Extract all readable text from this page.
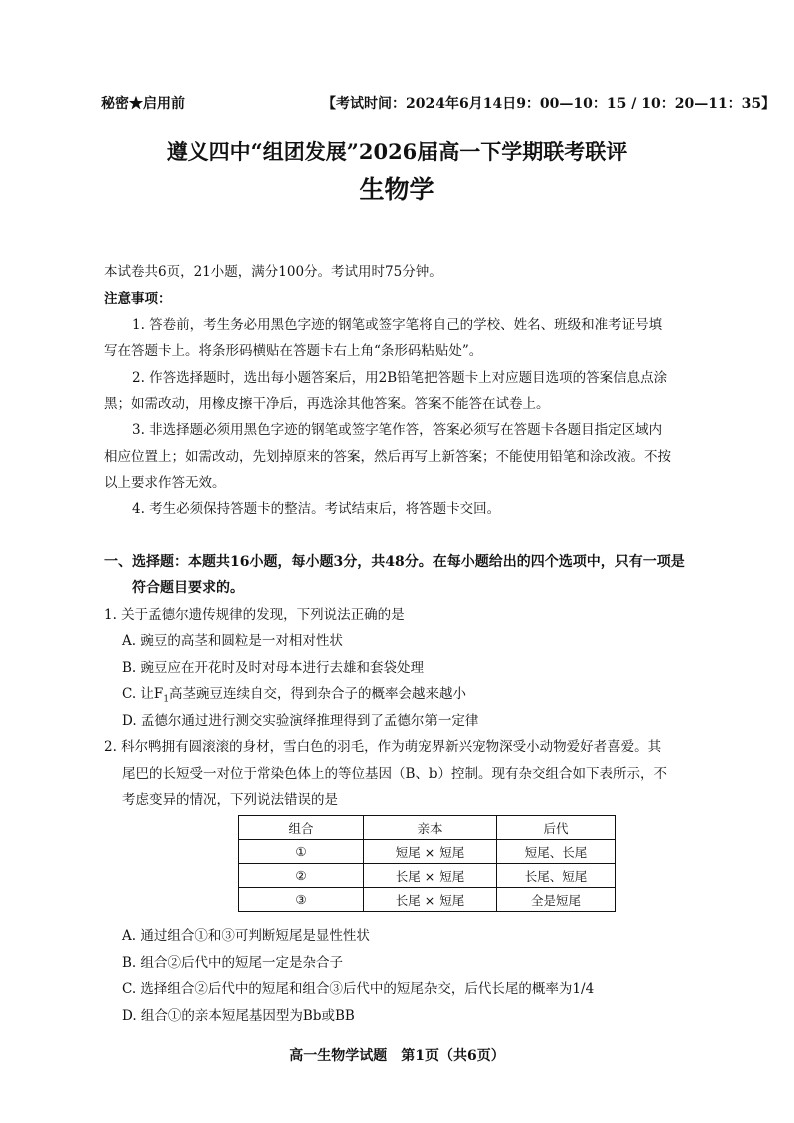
秘密★启用前	【考试时间：2024年6月14日9：00—10：15 / 10：20—11：35】
遵义四中“组团发展”2026届高一下学期联考联评
生物学
本试卷共6页，21小题，满分100分。考试用时75分钟。
注意事项：
1. 答卷前，考生务必用黑色字迹的钢笔或签字笔将自己的学校、姓名、班级和准考证号填
写在答题卡上。将条形码横贴在答题卡右上角“条形码粘贴处”。
2. 作答选择题时，选出每小题答案后，用2B铅笔把答题卡上对应题目选项的答案信息点涂
黑；如需改动，用橡皮擦干净后，再选涂其他答案。答案不能答在试卷上。
3. 非选择题必须用黑色字迹的钢笔或签字笔作答，答案必须写在答题卡各题目指定区域内
相应位置上；如需改动，先划掉原来的答案，然后再写上新答案；不能使用铅笔和涂改液。不按
以上要求作答无效。
4. 考生必须保持答题卡的整洁。考试结束后，将答题卡交回。
一、选择题：本题共16小题，每小题3分，共48分。在每小题给出的四个选项中，只有一项是
符合题目要求的。
1. 关于孟德尔遗传规律的发现，下列说法正确的是
A. 豌豆的高茎和圆粒是一对相对性状
B. 豌豆应在开花时及时对母本进行去雄和套袋处理
C. 让$F_1$高茎豌豆连续自交，得到杂合子的概率会越来越小
D. 孟德尔通过进行测交实验演绎推理得到了孟德尔第一定律
2. 科尔鸭拥有圆滚滚的身材，雪白色的羽毛，作为萌宠界新兴宠物深受小动物爱好者喜爱。其
尾巴的长短受一对位于常染色体上的等位基因（B、b）控制。现有杂交组合如下表所示，不
考虑变异的情况，下列说法错误的是
组合	亲本	后代
①	短尾 × 短尾	短尾、长尾
②	长尾 × 短尾	长尾、短尾
③	长尾 × 短尾	全是短尾
A. 通过组合①和③可判断短尾是显性性状
B. 组合②后代中的短尾一定是杂合子
C. 选择组合②后代中的短尾和组合③后代中的短尾杂交，后代长尾的概率为1/4
D. 组合①的亲本短尾基因型为Bb或BB
高一生物学试题　第1页（共6页）
